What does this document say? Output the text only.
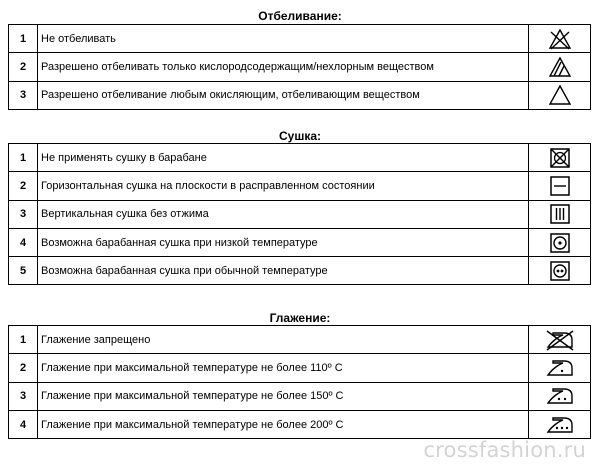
Отбеливание:
1	Не отбеливать	

2	Разрешено отбеливать только кислородсодержащим/нехлорным веществом	

3	Разрешено отбеливание любым окисляющим, отбеливающим веществом	
Сушка:
1	Не применять сушку в барабане	

2	Горизонтальная сушка на плоскости в расправленном состоянии	

3	Вертикальная сушка без отжима	

4	Возможна барабанная сушка при низкой температуре	

5	Возможна барабанная сушка при обычной температуре	
Глажение:
1	Глажение запрещено	

2	Глажение при максимальной температуре не более 110º С	

3	Глажение при максимальной температуре не более 150º С	

4	Глажение при максимальной температуре не более 200º С	
crossfashion.ru
